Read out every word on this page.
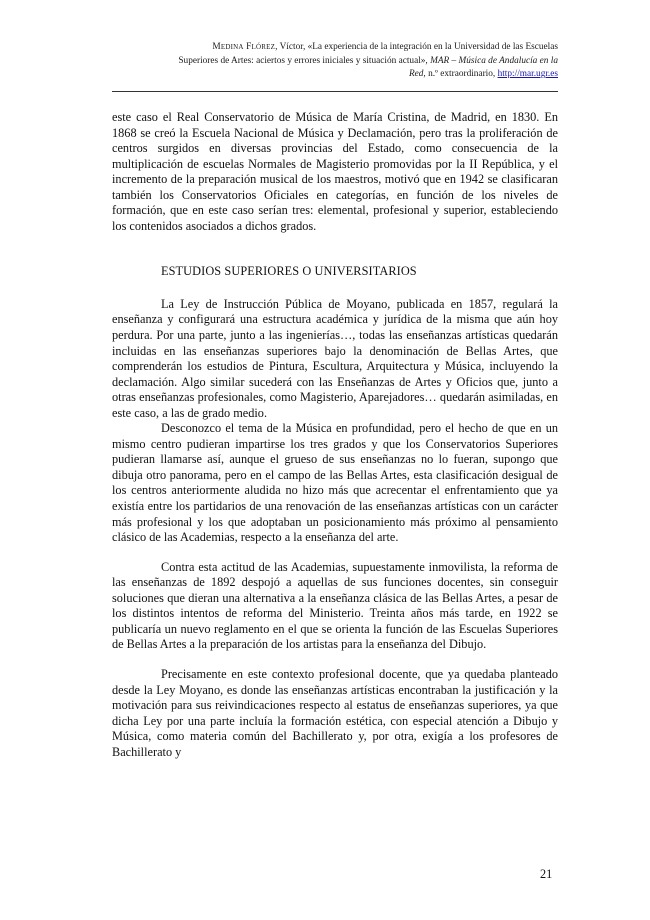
Medina Flórez, Víctor, «La experiencia de la integración en la Universidad de las Escuelas
Superiores de Artes: aciertos y errores iniciales y situación actual», MAR – Música de Andalucía en la
Red, n.º extraordinario, http://mar.ugr.es

este caso el Real Conservatorio de Música de María Cristina, de Madrid, en 1830. En 1868 se creó la Escuela Nacional de Música y Declamación, pero tras la proliferación de centros surgidos en diversas provincias del Estado, como consecuencia de la multiplicación de escuelas Normales de Magisterio promovidas por la II República, y el incremento de la preparación musical de los maestros, motivó que en 1942 se clasificaran también los Conservatorios Oficiales en categorías, en función de los niveles de formación, que en este caso serían tres: elemental, profesional y superior, estableciendo los contenidos asociados a dichos grados.

ESTUDIOS SUPERIORES O UNIVERSITARIOS

La Ley de Instrucción Pública de Moyano, publicada en 1857, regulará la enseñanza y configurará una estructura académica y jurídica de la misma que aún hoy perdura. Por una parte, junto a las ingenierías…, todas las enseñanzas artísticas quedarán incluidas en las enseñanzas superiores bajo la denominación de Bellas Artes, que comprenderán los estudios de Pintura, Escultura, Arquitectura y Música, incluyendo la declamación. Algo similar sucederá con las Enseñanzas de Artes y Oficios que, junto a otras enseñanzas profesionales, como Magisterio, Aparejadores… quedarán asimiladas, en este caso, a las de grado medio.

Desconozco el tema de la Música en profundidad, pero el hecho de que en un mismo centro pudieran impartirse los tres grados y que los Conservatorios Superiores pudieran llamarse así, aunque el grueso de sus enseñanzas no lo fueran, supongo que dibuja otro panorama, pero en el campo de las Bellas Artes, esta clasificación desigual de los centros anteriormente aludida no hizo más que acrecentar el enfrentamiento que ya existía entre los partidarios de una renovación de las enseñanzas artísticas con un carácter más profesional y los que adoptaban un posicionamiento más próximo al pensamiento clásico de las Academias, respecto a la enseñanza del arte.

Contra esta actitud de las Academias, supuestamente inmovilista, la reforma de las enseñanzas de 1892 despojó a aquellas de sus funciones docentes, sin conseguir soluciones que dieran una alternativa a la enseñanza clásica de las Bellas Artes, a pesar de los distintos intentos de reforma del Ministerio. Treinta años más tarde, en 1922 se publicaría un nuevo reglamento en el que se orienta la función de las Escuelas Superiores de Bellas Artes a la preparación de los artistas para la enseñanza del Dibujo.

Precisamente en este contexto profesional docente, que ya quedaba planteado desde la Ley Moyano, es donde las enseñanzas artísticas encontraban la justificación y la motivación para sus reivindicaciones respecto al estatus de enseñanzas superiores, ya que dicha Ley por una parte incluía la formación estética, con especial atención a Dibujo y Música, como materia común del Bachillerato y, por otra, exigía a los profesores de Bachillerato y

21
